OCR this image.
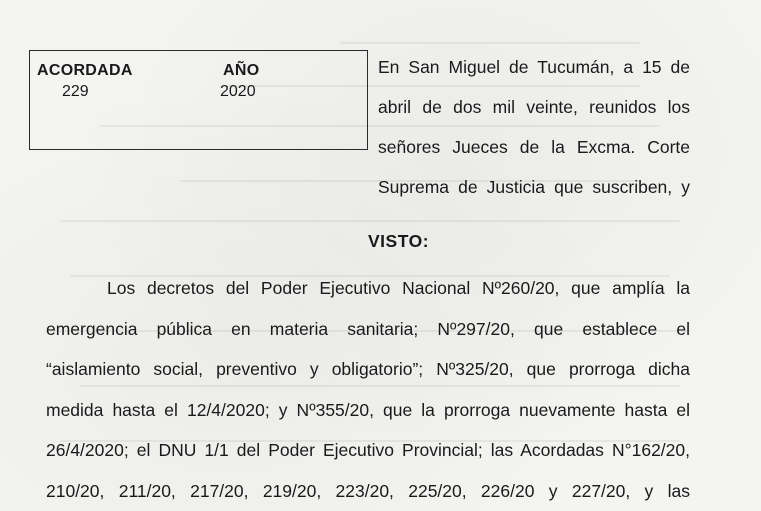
ACORDADA
229
AÑO
2020

En San Miguel de Tucumán, a 15 de
abril de dos mil veinte, reunidos los
señores Jueces de la Excma. Corte
Suprema de Justicia que suscriben, y

VISTO:

Los decretos del Poder Ejecutivo Nacional Nº260/20, que amplía la
emergencia pública en materia sanitaria; Nº297/20, que establece el
“aislamiento social, preventivo y obligatorio”; Nº325/20, que prorroga dicha
medida hasta el 12/4/2020; y Nº355/20, que la prorroga nuevamente hasta el
26/4/2020; el DNU 1/1 del Poder Ejecutivo Provincial; las Acordadas N°162/20,
210/20, 211/20, 217/20, 219/20, 223/20, 225/20, 226/20 y 227/20, y las
